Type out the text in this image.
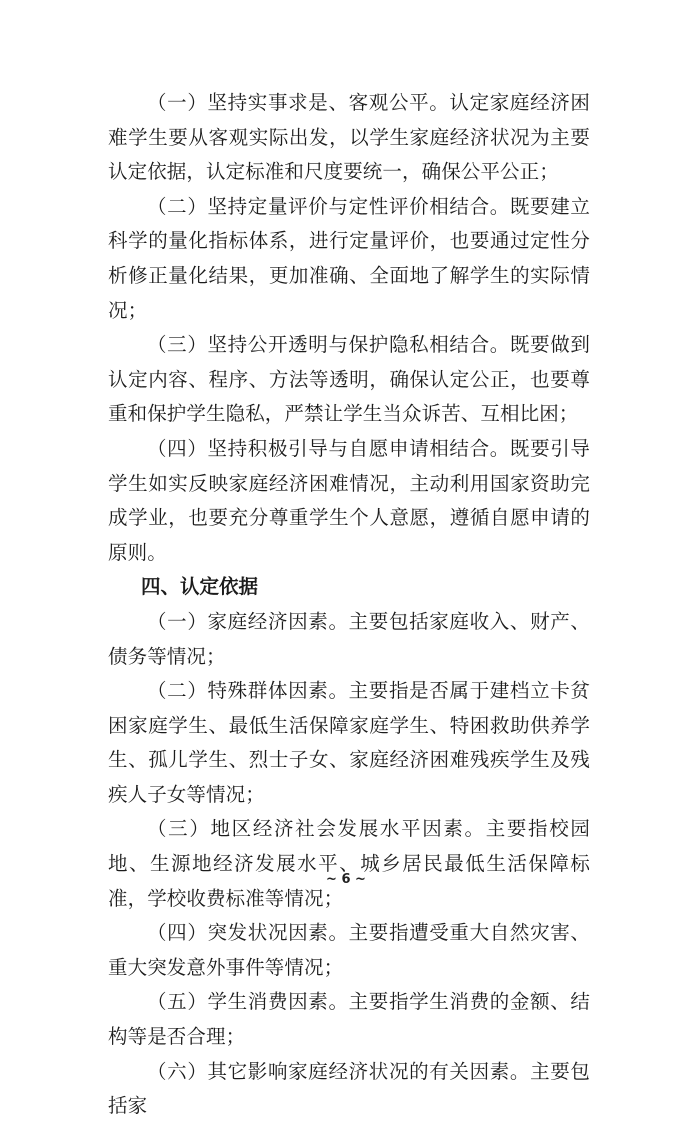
（一）坚持实事求是、客观公平。认定家庭经济困难学生要从客观实际出发，以学生家庭经济状况为主要认定依据，认定标准和尺度要统一，确保公平公正；

（二）坚持定量评价与定性评价相结合。既要建立科学的量化指标体系，进行定量评价，也要通过定性分析修正量化结果，更加准确、全面地了解学生的实际情况；

（三）坚持公开透明与保护隐私相结合。既要做到认定内容、程序、方法等透明，确保认定公正，也要尊重和保护学生隐私，严禁让学生当众诉苦、互相比困；

（四）坚持积极引导与自愿申请相结合。既要引导学生如实反映家庭经济困难情况，主动利用国家资助完成学业，也要充分尊重学生个人意愿，遵循自愿申请的原则。

四、认定依据

（一）家庭经济因素。主要包括家庭收入、财产、债务等情况；

（二）特殊群体因素。主要指是否属于建档立卡贫困家庭学生、最低生活保障家庭学生、特困救助供养学生、孤儿学生、烈士子女、家庭经济困难残疾学生及残疾人子女等情况；

（三）地区经济社会发展水平因素。主要指校园地、生源地经济发展水平、城乡居民最低生活保障标准，学校收费标准等情况；

（四）突发状况因素。主要指遭受重大自然灾害、重大突发意外事件等情况；

（五）学生消费因素。主要指学生消费的金额、结构等是否合理；

（六）其它影响家庭经济状况的有关因素。主要包括家

~ 6 ~
